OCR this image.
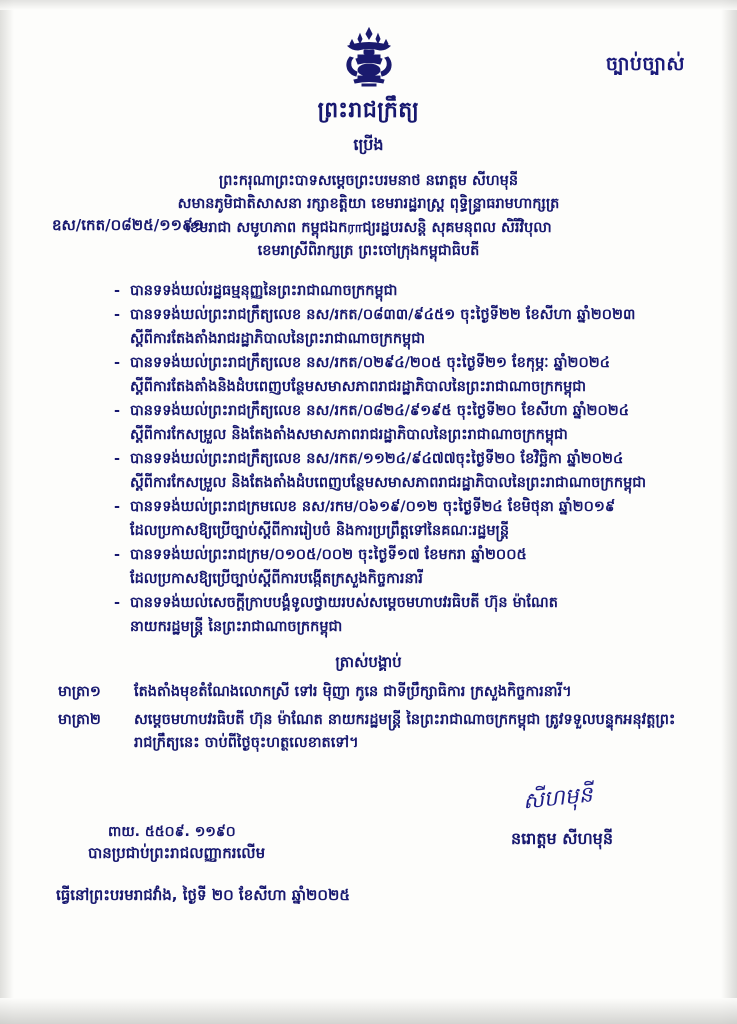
ច្បាប់ច្បាស់
ឧស/កេត/០៨២៥/១១៩១
ព្រះរាជក្រឹត្យ
ប្រើង
ព្រះករុណាព្រះបាទសម្តេចព្រះបរមនាថ នរោត្តម សីហមុនី
សមានភូមិជាតិសាសនា រក្សាខត្តិយា ខេមរារដ្ឋរាស្ត្រ ពុទ្ធិន្ទ្រាធរាមហាក្សត្រ
ខេមរាជា សមូហភាព កម្ពុជឯកராជ្យរដ្ឋបរសន្តិ សុគមនុពល សិរីវិបុលា
ខេមរាស្រីពិរាក្សត្រ ព្រះចៅក្រុងកម្ពុជាធិបតី
- បានទទង់ឃល់រដ្ឋធម្មនុញ្ញនៃព្រះរាជាណាចក្រកម្ពុជា
- បានទទង់ឃល់ព្រះរាជក្រឹត្យលេខ នស/រកត/០៨៣៣/៩៤៥១ ចុះថ្ងៃទី២២ ខែសីហា ឆ្នាំ២០២៣
ស្តីពីការតែងតាំងរាជរដ្ឋាភិបាលនៃព្រះរាជាណាចក្រកម្ពុជា
- បានទទង់ឃល់ព្រះរាជក្រឹត្យលេខ នស/រកត/០២៩៤/២០៥ ចុះថ្ងៃទី២១ ខែកុម្ភៈ ឆ្នាំ២០២៤
ស្តីពីការតែងតាំងនិងដំបពេញបន្ថែមសមាសភាពរាជរដ្ឋាភិបាលនៃព្រះរាជាណាចក្រកម្ពុជា
- បានទទង់ឃល់ព្រះរាជក្រឹត្យលេខ នស/រកត/០៨២៤/៩១៩៥ ចុះថ្ងៃទី២០ ខែសីហា ឆ្នាំ២០២៤
ស្តីពីការកែសម្រួល និងតែងតាំងសមាសភាពរាជរដ្ឋាភិបាលនៃព្រះរាជាណាចក្រកម្ពុជា
- បានទទង់ឃល់ព្រះរាជក្រឹត្យលេខ នស/រកត/១១២៤/៩៤៧៧ចុះថ្ងៃទី២០ ខែវិច្ឆិកា ឆ្នាំ២០២៤
ស្តីពីការកែសម្រួល និងតែងតាំងដំបពេញបន្ថែមសមាសភាពរាជរដ្ឋាភិបាលនៃព្រះរាជាណាចក្រកម្ពុជា
- បានទទង់ឃល់ព្រះរាជក្រមលេខ នស/រកម/០៦១៩/០១២ ចុះថ្ងៃទី២៤ ខែមិថុនា ឆ្នាំ២០១៩
ដែលប្រកាសឱ្យប្រើច្បាប់ស្តីពីការរៀបចំ និងការប្រព្រឹត្តទៅនៃគណៈរដ្ឋមន្ត្រី
- បានទទង់ឃល់ព្រះរាជក្រម/០១០៥/០០២ ចុះថ្ងៃទី១៧ ខែមករា ឆ្នាំ២០០៥
ដែលប្រកាសឱ្យប្រើច្បាប់ស្តីពីការបង្កើតក្រសួងកិច្ចការនារី
- បានទទង់ឃល់សេចក្តីក្រាបបង្គំទូលថ្វាយរបស់សម្តេចមហាបវរធិបតី ហ៊ុន ម៉ាណែត
នាយករដ្ឋមន្ត្រី នៃព្រះរាជាណាចក្រកម្ពុជា
ត្រាស់បង្គាប់
មាត្រា១	តែងតាំងមុខតំណែងលោកស្រី ទៅរ ម៉ិញា កូនេ ជាទីប្រឹក្សាធិការ ក្រសួងកិច្ចការនារី។
មាត្រា២	សម្តេចមហាបវរធិបតី ហ៊ុន ម៉ាណែត នាយករដ្ឋមន្ត្រី នៃព្រះរាជាណាចក្រកម្ពុជា ត្រូវទទួលបន្ទុកអនុវត្តព្រះរាជក្រឹត្យនេះ ចាប់ពីថ្ងៃចុះហត្ថលេខាតទៅ។
សីហមុនី
នរោត្តម សីហមុនី
ពាយ. ៥៥០៩. ១១៩០
បានប្រជាប់ព្រះរាជលញ្ញាករលើម
ធ្វើនៅព្រះបរមរាជវាំង, ថ្ងៃទី ២០ ខែសីហា ឆ្នាំ២០២៥
